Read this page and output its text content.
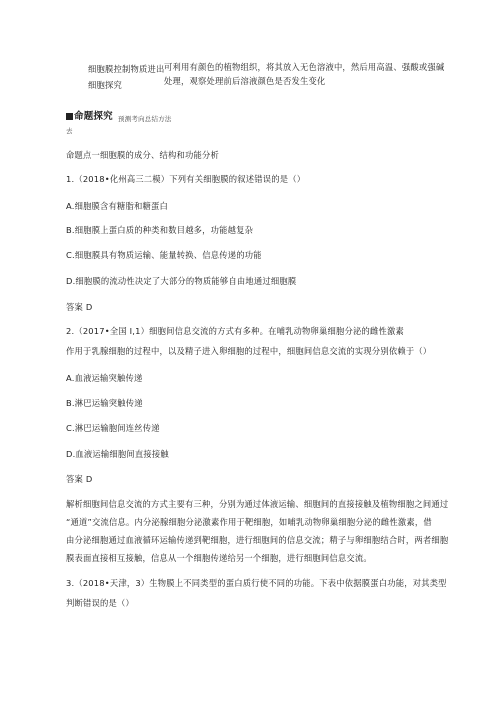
细胞膜控制物质进出
细胞探究
可利用有颜色的植物组织，将其放入无色溶液中，然后用高温、强酸或强碱
处理，观察处理前后溶液颜色是否发生变化
命题探究 预测考向总结方法
去
命题点一细胞膜的成分、结构和功能分析
1.（2018•化州高三二模）下列有关细胞膜的叙述错误的是（）
A.细胞膜含有糖脂和糖蛋白
B.细胞膜上蛋白质的种类和数目越多，功能越复杂
C.细胞膜具有物质运输、能量转换、信息传递的功能
D.细胞膜的流动性决定了大部分的物质能够自由地通过细胞膜
答案 D
2.（2017•全国 I,1）细胞间信息交流的方式有多种。在哺乳动物卵巢细胞分泌的雌性激素
作用于乳腺细胞的过程中，以及精子进入卵细胞的过程中，细胞间信息交流的实现分别依赖于（）
A.血液运输突触传递
B.淋巴运输突触传递
C.淋巴运输胞间连丝传递
D.血液运输细胞间直接接触
答案 D
解析细胞间信息交流的方式主要有三种，分别为通过体液运输、细胞间的直接接触及植物细胞之间通过
“通道”交流信息。内分泌腺细胞分泌激素作用于靶细胞，如哺乳动物卵巢细胞分泌的雌性激素，借
由分泌细胞通过血液循环运输传递到靶细胞，进行细胞间的信息交流；精子与卵细胞结合时，两者细胞
膜表面直接相互接触，信息从一个细胞传递给另一个细胞，进行细胞间信息交流。
3.（2018•天津，3）生物膜上不同类型的蛋白质行使不同的功能。下表中依据膜蛋白功能，对其类型
判断错误的是（）
